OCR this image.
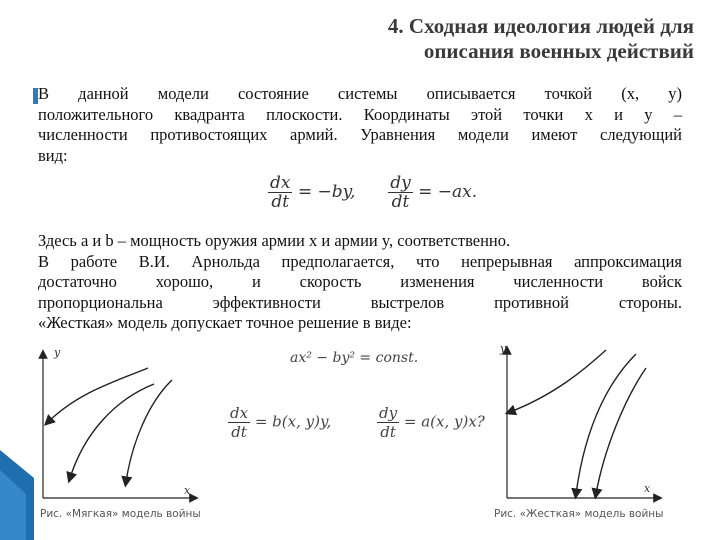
4. Сходная идеология людей для
описания военных действий
В данной модели состояние системы описывается точкой (x, y)
положительного квадранта плоскости. Координаты этой точки x и y –
численности противостоящих армий. Уравнения модели имеют следующий
вид:
$\frac{dx}{dt} = -by$, $\frac{dy}{dt} = -ax$.
Здесь a и b – мощность оружия армии x и армии y, соответственно.
В работе В.И. Арнольда предполагается, что непрерывная аппроксимация
достаточно хорошо, и скорость изменения численности войск
пропорциональна эффективности выстрелов противной стороны.
«Жесткая» модель допускает точное решение в виде:
y
x
Рис. «Мягкая» модель войны
ax² − by² = const.
$\frac{dx}{dt} = b(x$, y)y,	$\frac{dy}{dt} = a(x$, y)x?
y
x
Рис. «Жесткая» модель войны
